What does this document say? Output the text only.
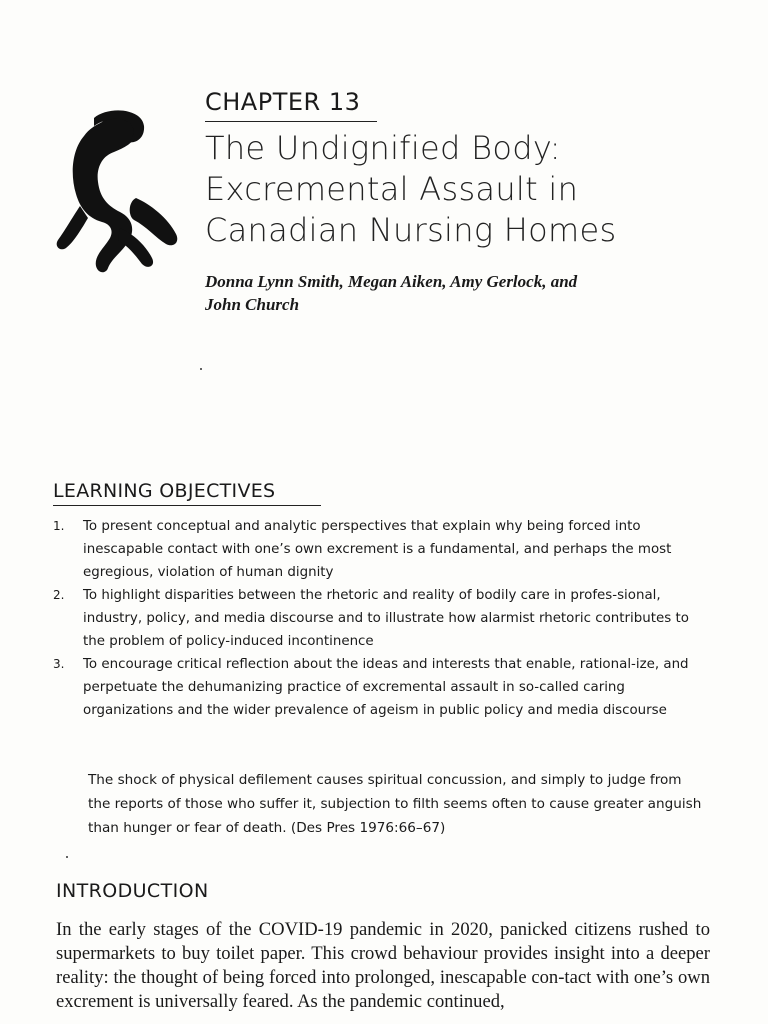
CHAPTER 13
The Undignified Body:
Excremental Assault in
Canadian Nursing Homes

Donna Lynn Smith, Megan Aiken, Amy Gerlock, and
John Church

LEARNING OBJECTIVES
1. To present conceptual and analytic perspectives that explain why being forced into inescapable contact with one’s own excrement is a fundamental, and perhaps the most egregious, violation of human dignity
2. To highlight disparities between the rhetoric and reality of bodily care in profes-sional, industry, policy, and media discourse and to illustrate how alarmist rhetoric contributes to the problem of policy-induced incontinence
3. To encourage critical reflection about the ideas and interests that enable, rational-ize, and perpetuate the dehumanizing practice of excremental assault in so-called caring organizations and the wider prevalence of ageism in public policy and media discourse

The shock of physical defilement causes spiritual concussion, and simply to judge from the reports of those who suffer it, subjection to filth seems often to cause greater anguish than hunger or fear of death. (Des Pres 1976:66–67)

INTRODUCTION

In the early stages of the COVID-19 pandemic in 2020, panicked citizens rushed to supermarkets to buy toilet paper. This crowd behaviour provides insight into a deeper reality: the thought of being forced into prolonged, inescapable con-tact with one’s own excrement is universally feared. As the pandemic continued,
